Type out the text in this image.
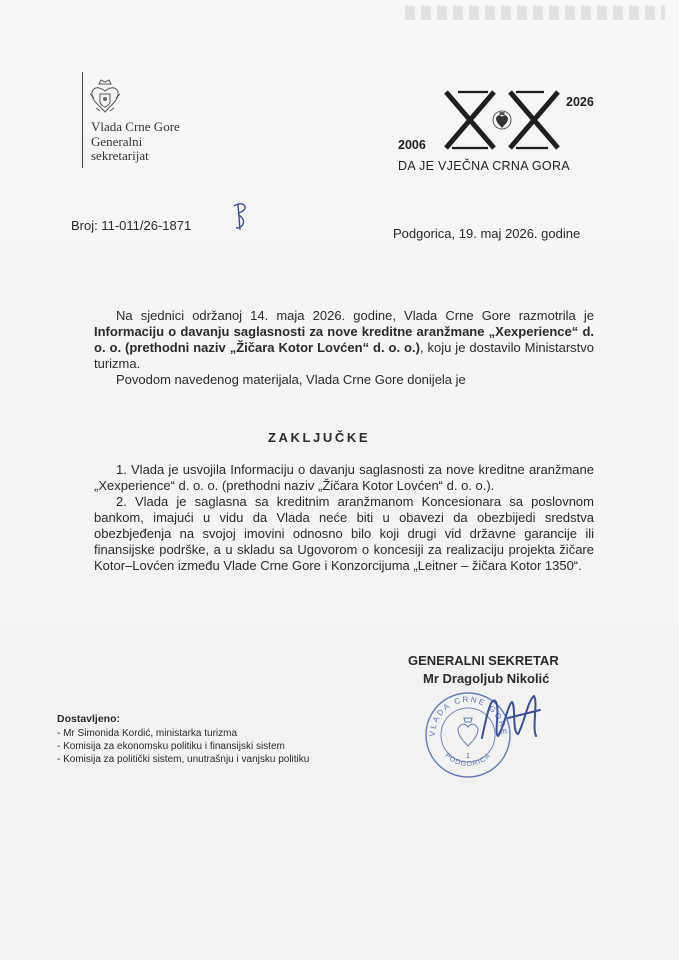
Vlada Crne Gore
Generalni
sekretarijat
2006
2026
DA JE VJEČNA CRNA GORA
Broj: 11-011/26-1871
Podgorica, 19. maj 2026. godine

Na sjednici održanoj 14. maja 2026. godine, Vlada Crne Gore razmotrila je Informaciju o davanju saglasnosti za nove kreditne aranžmane „Xexperience“ d. o. o. (prethodni naziv „Žičara Kotor Lovćen“ d. o. o.), koju je dostavilo Ministarstvo turizma.

Povodom navedenog materijala, Vlada Crne Gore donijela je

ZAKLJUČKE

1. Vlada je usvojila Informaciju o davanju saglasnosti za nove kreditne aranžmane „Xexperience“ d. o. o. (prethodni naziv „Žičara Kotor Lovćen“ d. o. o.).

2. Vlada je saglasna sa kreditnim aranžmanom Koncesionara sa poslovnom bankom, imajući u vidu da Vlada neće biti u obavezi da obezbijedi sredstva obezbjeđenja na svojoj imovini odnosno bilo koji drugi vid državne garancije ili finansijske podrške, a u skladu sa Ugovorom o koncesiji za realizaciju projekta žičare Kotor–Lovćen između Vlade Crne Gore i Konzorcijuma „Leitner – žičara Kotor 1350“.

GENERALNI SEKRETAR
Mr Dragoljub Nikolić
VLADA CRNE GORE
PODGORICA
1
Dostavljeno:
- Mr Simonida Kordić, ministarka turizma
- Komisija za ekonomsku politiku i finansijski sistem
- Komisija za politički sistem, unutrašnju i vanjsku politiku
